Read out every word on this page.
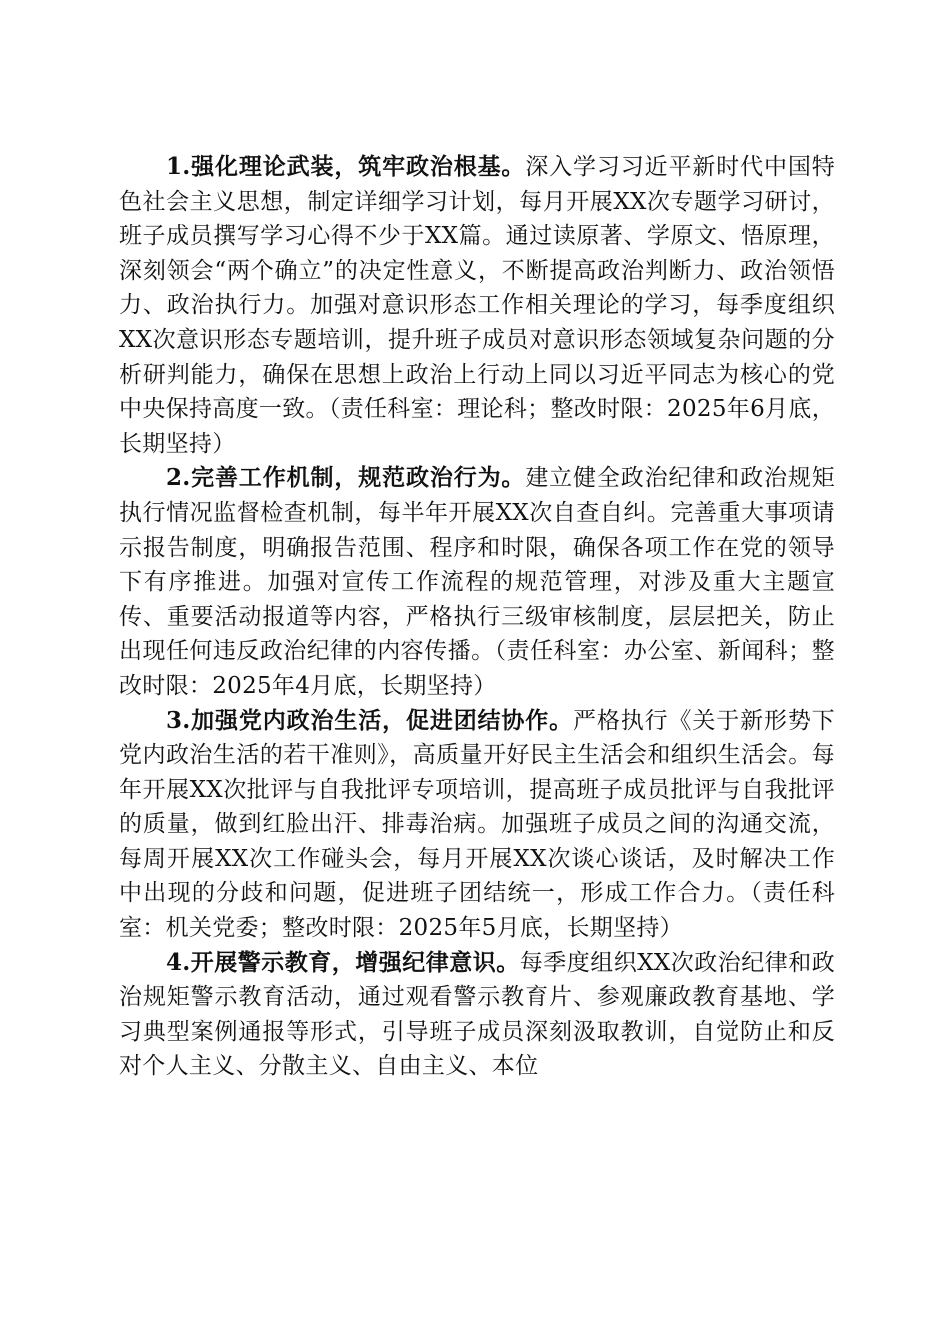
1.强化理论武装，筑牢政治根基。深入学习习近平新时代中国特色社会主义思想，制定详细学习计划，每月开展XX次专题学习研讨，班子成员撰写学习心得不少于XX篇。通过读原著、学原文、悟原理，深刻领会“两个确立”的决定性意义，不断提高政治判断力、政治领悟力、政治执行力。加强对意识形态工作相关理论的学习，每季度组织XX次意识形态专题培训，提升班子成员对意识形态领域复杂问题的分析研判能力，确保在思想上政治上行动上同以习近平同志为核心的党中央保持高度一致。（责任科室：理论科；整改时限：2025年6月底，长期坚持）

2.完善工作机制，规范政治行为。建立健全政治纪律和政治规矩执行情况监督检查机制，每半年开展XX次自查自纠。完善重大事项请示报告制度，明确报告范围、程序和时限，确保各项工作在党的领导下有序推进。加强对宣传工作流程的规范管理，对涉及重大主题宣传、重要活动报道等内容，严格执行三级审核制度，层层把关，防止出现任何违反政治纪律的内容传播。（责任科室：办公室、新闻科；整改时限：2025年4月底，长期坚持）

3.加强党内政治生活，促进团结协作。严格执行《关于新形势下党内政治生活的若干准则》，高质量开好民主生活会和组织生活会。每年开展XX次批评与自我批评专项培训，提高班子成员批评与自我批评的质量，做到红脸出汗、排毒治病。加强班子成员之间的沟通交流，每周开展XX次工作碰头会，每月开展XX次谈心谈话，及时解决工作中出现的分歧和问题，促进班子团结统一，形成工作合力。（责任科室：机关党委；整改时限：2025年5月底，长期坚持）

4.开展警示教育，增强纪律意识。每季度组织XX次政治纪律和政治规矩警示教育活动，通过观看警示教育片、参观廉政教育基地、学习典型案例通报等形式，引导班子成员深刻汲取教训，自觉防止和反对个人主义、分散主义、自由主义、本位
